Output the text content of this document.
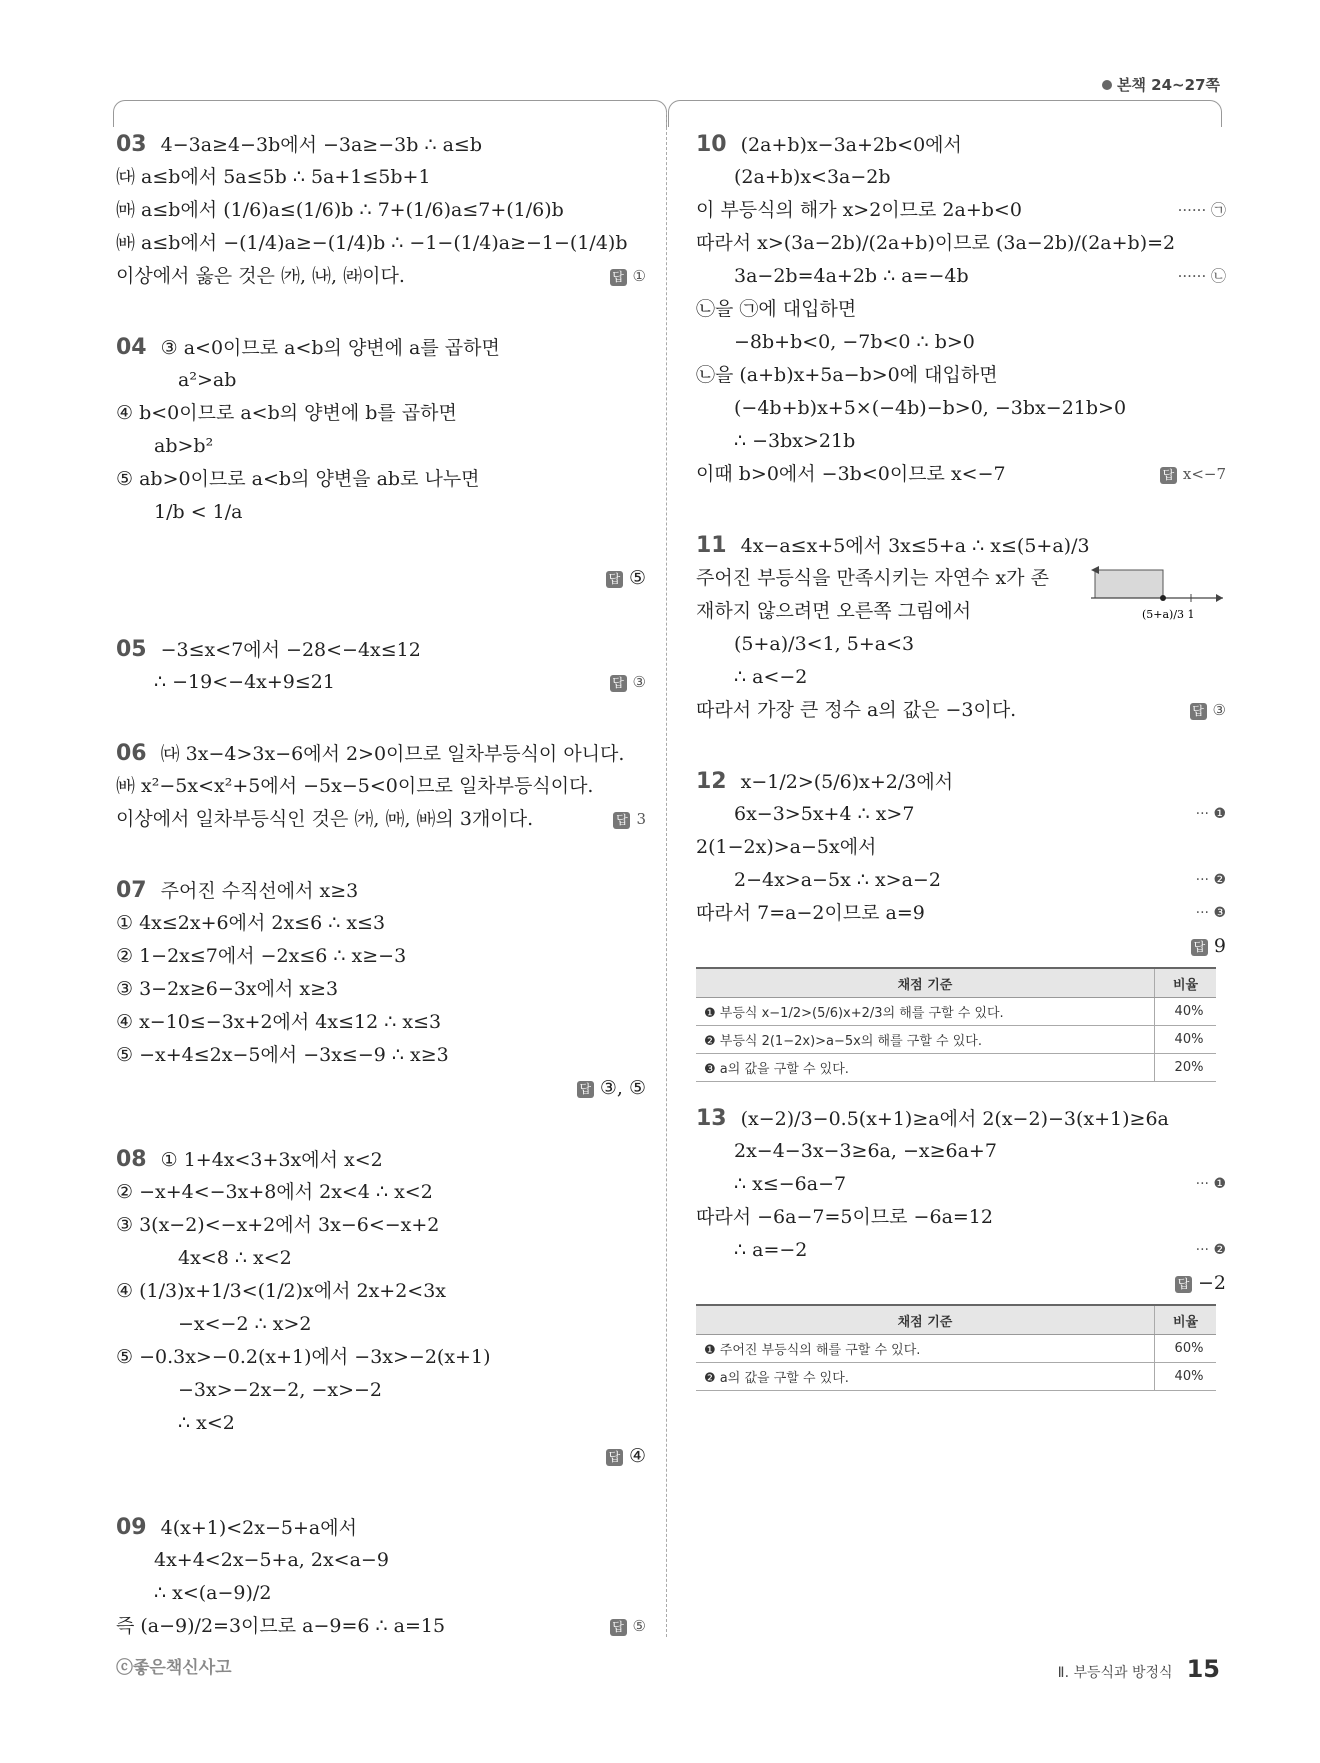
본책 24~27쪽
03 4−3a≥4−3b에서 −3a≥−3b ∴ a≤b
㈐ a≤b에서 5a≤5b ∴ 5a+1≤5b+1
㈒ a≤b에서 (1/6)a≤(1/6)b ∴ 7+(1/6)a≤7+(1/6)b
㈓ a≤b에서 −(1/4)a≥−(1/4)b ∴ −1−(1/4)a≥−1−(1/4)b
이상에서 옳은 것은 ㈎, ㈏, ㈑이다.	답 ①
04 ③ a<0이므로 a<b의 양변에 a를 곱하면
a²>ab
④ b<0이므로 a<b의 양변에 b를 곱하면
ab>b²
⑤ ab>0이므로 a<b의 양변을 ab로 나누면
1/b < 1/a
답 ⑤
05 −3≤x<7에서 −28<−4x≤12
∴ −19<−4x+9≤21	답 ③
06 ㈐ 3x−4>3x−6에서 2>0이므로 일차부등식이 아니다.
㈓ x²−5x<x²+5에서 −5x−5<0이므로 일차부등식이다.
이상에서 일차부등식인 것은 ㈎, ㈒, ㈓의 3개이다.	답 3
07 주어진 수직선에서 x≥3
① 4x≤2x+6에서 2x≤6 ∴ x≤3
② 1−2x≤7에서 −2x≤6 ∴ x≥−3
③ 3−2x≥6−3x에서 x≥3
④ x−10≤−3x+2에서 4x≤12 ∴ x≤3
⑤ −x+4≤2x−5에서 −3x≤−9 ∴ x≥3
답 ③, ⑤
08 ① 1+4x<3+3x에서 x<2
② −x+4<−3x+8에서 2x<4 ∴ x<2
③ 3(x−2)<−x+2에서 3x−6<−x+2
4x<8 ∴ x<2
④ (1/3)x+1/3<(1/2)x에서 2x+2<3x
−x<−2 ∴ x>2
⑤ −0.3x>−0.2(x+1)에서 −3x>−2(x+1)
−3x>−2x−2, −x>−2
∴ x<2
답 ④
09 4(x+1)<2x−5+a에서
4x+4<2x−5+a, 2x<a−9
∴ x<(a−9)/2
즉 (a−9)/2=3이므로 a−9=6 ∴ a=15	답 ⑤
10 (2a+b)x−3a+2b<0에서
(2a+b)x<3a−2b
이 부등식의 해가 x>2이므로 2a+b<0	······ ㉠
따라서 x>(3a−2b)/(2a+b)이므로 (3a−2b)/(2a+b)=2
3a−2b=4a+2b ∴ a=−4b	······ ㉡
㉡을 ㉠에 대입하면
−8b+b<0, −7b<0 ∴ b>0
㉡을 (a+b)x+5a−b>0에 대입하면
(−4b+b)x+5×(−4b)−b>0, −3bx−21b>0
∴ −3bx>21b
이때 b>0에서 −3b<0이므로 x<−7	답 x<−7
11 4x−a≤x+5에서 3x≤5+a ∴ x≤(5+a)/3
주어진 부등식을 만족시키는 자연수 x가 존
재하지 않으려면 오른쪽 그림에서	(5+a)/3 1
(5+a)/3<1, 5+a<3
∴ a<−2
따라서 가장 큰 정수 a의 값은 −3이다.	답 ③
12 x−1/2>(5/6)x+2/3에서
6x−3>5x+4 ∴ x>7	··· ❶
2(1−2x)>a−5x에서
2−4x>a−5x ∴ x>a−2	··· ❷
따라서 7=a−2이므로 a=9	··· ❸
답 9
채점 기준	비율
❶ 부등식 x−1/2>(5/6)x+2/3의 해를 구할 수 있다.	40%
❷ 부등식 2(1−2x)>a−5x의 해를 구할 수 있다.	40%
❸ a의 값을 구할 수 있다.	20%
13 (x−2)/3−0.5(x+1)≥a에서 2(x−2)−3(x+1)≥6a
2x−4−3x−3≥6a, −x≥6a+7
∴ x≤−6a−7	··· ❶
따라서 −6a−7=5이므로 −6a=12
∴ a=−2	··· ❷
답 −2
채점 기준	비율
❶ 주어진 부등식의 해를 구할 수 있다.	60%
❷ a의 값을 구할 수 있다.	40%
ⓒ좋은책신사고	Ⅱ. 부등식과 방정식 15
